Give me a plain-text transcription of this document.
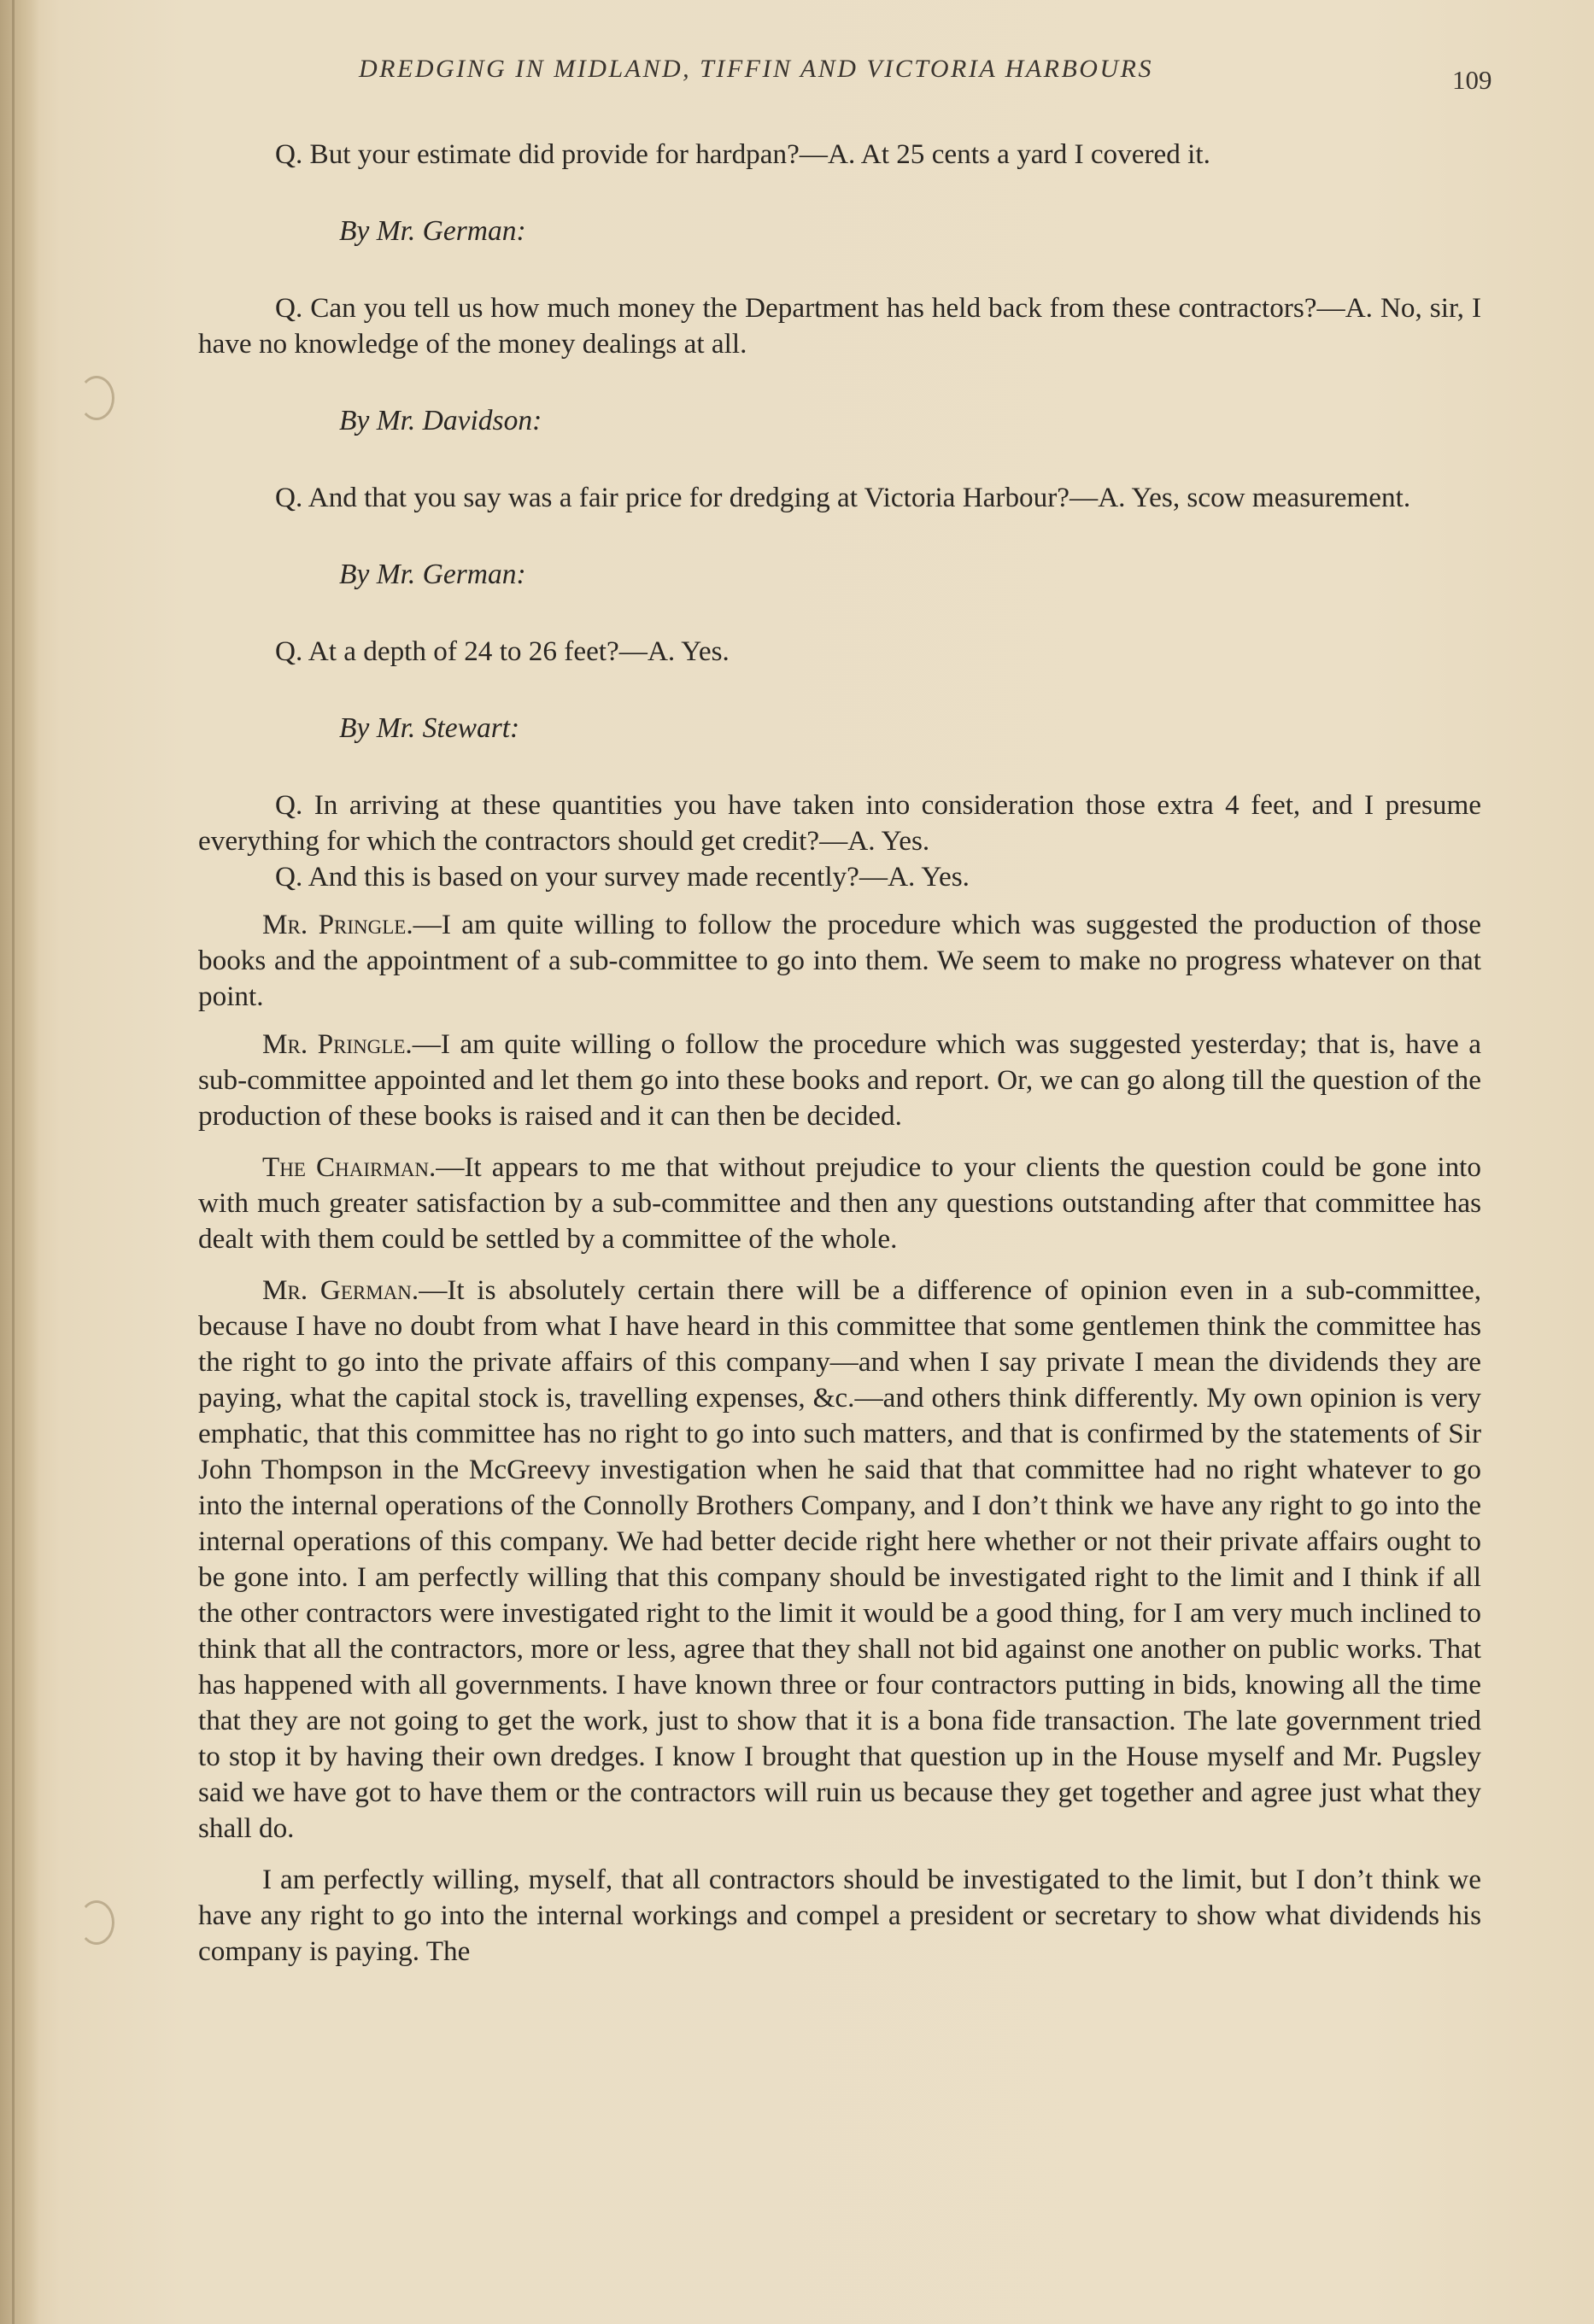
DREDGING IN MIDLAND, TIFFIN AND VICTORIA HARBOURS	109

Q. But your estimate did provide for hardpan?—A. At 25 cents a yard I covered it.

By Mr. German:

Q. Can you tell us how much money the Department has held back from these contractors?—A. No, sir, I have no knowledge of the money dealings at all.

By Mr. Davidson:

Q. And that you say was a fair price for dredging at Victoria Harbour?—A. Yes, scow measurement.

By Mr. German:

Q. At a depth of 24 to 26 feet?—A. Yes.

By Mr. Stewart:

Q. In arriving at these quantities you have taken into consideration those extra 4 feet, and I presume everything for which the contractors should get credit?—A. Yes.

Q. And this is based on your survey made recently?—A. Yes.

Mr. Pringle.—I am quite willing to follow the procedure which was suggested the production of those books and the appointment of a sub-committee to go into them. We seem to make no progress whatever on that point.

Mr. Pringle.—I am quite willing o follow the procedure which was suggested yesterday; that is, have a sub-committee appointed and let them go into these books and report. Or, we can go along till the question of the production of these books is raised and it can then be decided.

The Chairman.—It appears to me that without prejudice to your clients the question could be gone into with much greater satisfaction by a sub-committee and then any questions outstanding after that committee has dealt with them could be settled by a committee of the whole.

Mr. German.—It is absolutely certain there will be a difference of opinion even in a sub-committee, because I have no doubt from what I have heard in this committee that some gentlemen think the committee has the right to go into the private affairs of this company—and when I say private I mean the dividends they are paying, what the capital stock is, travelling expenses, &c.—and others think differently. My own opinion is very emphatic, that this committee has no right to go into such matters, and that is confirmed by the statements of Sir John Thompson in the McGreevy investigation when he said that that committee had no right whatever to go into the internal operations of the Connolly Brothers Company, and I don’t think we have any right to go into the internal operations of this company. We had better decide right here whether or not their private affairs ought to be gone into. I am perfectly willing that this company should be investigated right to the limit and I think if all the other contractors were investigated right to the limit it would be a good thing, for I am very much inclined to think that all the contractors, more or less, agree that they shall not bid against one another on public works. That has happened with all governments. I have known three or four contractors putting in bids, knowing all the time that they are not going to get the work, just to show that it is a bona fide transaction. The late government tried to stop it by having their own dredges. I know I brought that question up in the House myself and Mr. Pugsley said we have got to have them or the contractors will ruin us because they get together and agree just what they shall do.

I am perfectly willing, myself, that all contractors should be investigated to the limit, but I don’t think we have any right to go into the internal workings and compel a president or secretary to show what dividends his company is paying. The
